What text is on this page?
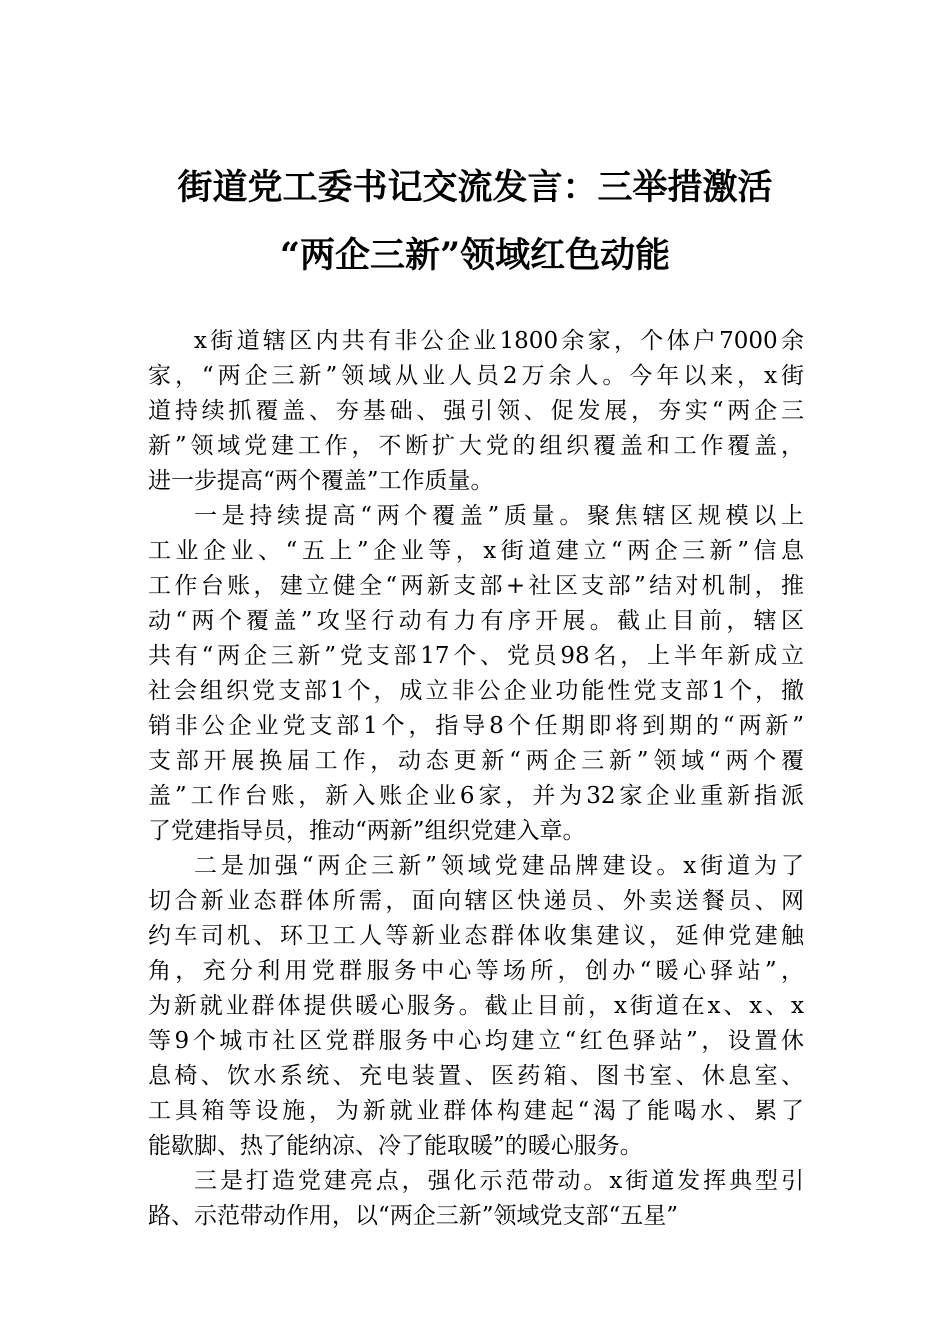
街道党工委书记交流发言：三举措激活
“两企三新”领域红色动能

x街道辖区内共有非公企业1800余家，个体户7000余
家，“两企三新”领域从业人员2万余人。今年以来，x街
道持续抓覆盖、夯基础、强引领、促发展，夯实“两企三
新”领域党建工作，不断扩大党的组织覆盖和工作覆盖，
进一步提高“两个覆盖”工作质量。

一是持续提高“两个覆盖”质量。聚焦辖区规模以上
工业企业、“五上”企业等，x街道建立“两企三新”信息
工作台账，建立健全“两新支部+社区支部”结对机制，推
动“两个覆盖”攻坚行动有力有序开展。截止目前，辖区
共有“两企三新”党支部17个、党员98名，上半年新成立
社会组织党支部1个，成立非公企业功能性党支部1个，撤
销非公企业党支部1个，指导8个任期即将到期的“两新”
支部开展换届工作，动态更新“两企三新”领域“两个覆
盖”工作台账，新入账企业6家，并为32家企业重新指派
了党建指导员，推动“两新”组织党建入章。

二是加强“两企三新”领域党建品牌建设。x街道为了
切合新业态群体所需，面向辖区快递员、外卖送餐员、网
约车司机、环卫工人等新业态群体收集建议，延伸党建触
角，充分利用党群服务中心等场所，创办“暖心驿站”，
为新就业群体提供暖心服务。截止目前，x街道在x、x、x
等9个城市社区党群服务中心均建立“红色驿站”，设置休
息椅、饮水系统、充电装置、医药箱、图书室、休息室、
工具箱等设施，为新就业群体构建起“渴了能喝水、累了
能歇脚、热了能纳凉、冷了能取暖”的暖心服务。

三是打造党建亮点，强化示范带动。x街道发挥典型引
路、示范带动作用，以“两企三新”领域党支部“五星”
